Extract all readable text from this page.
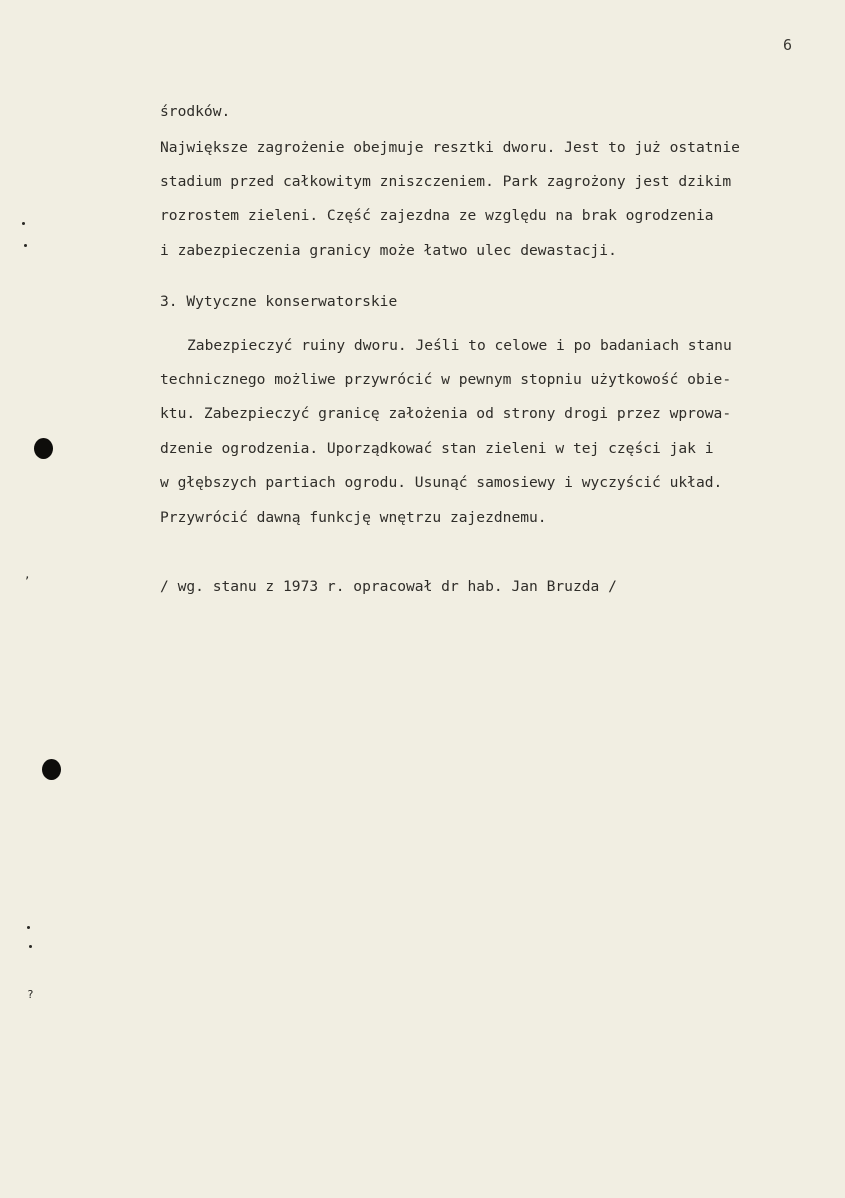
6
środków.
Największe zagrożenie obejmuje resztki dworu. Jest to już ostatnie
stadium przed całkowitym zniszczeniem. Park zagrożony jest dzikim
rozrostem zieleni. Część zajezdna ze względu na brak ogrodzenia
i zabezpieczenia granicy może łatwo ulec dewastacji.
3. Wytyczne konserwatorskie
Zabezpieczyć ruiny dworu. Jeśli to celowe i po badaniach stanu
technicznego możliwe przywrócić w pewnym stopniu użytkowość obie-
ktu. Zabezpieczyć granicę założenia od strony drogi przez wprowa-
dzenie ogrodzenia. Uporządkować stan zieleni w tej części jak i
w głębszych partiach ogrodu. Usunąć samosiewy i wyczyścić układ.
Przywrócić dawną funkcję wnętrzu zajezdnemu.
/ wg. stanu z 1973 r. opracował dr hab. Jan Bruzda /
,
?
